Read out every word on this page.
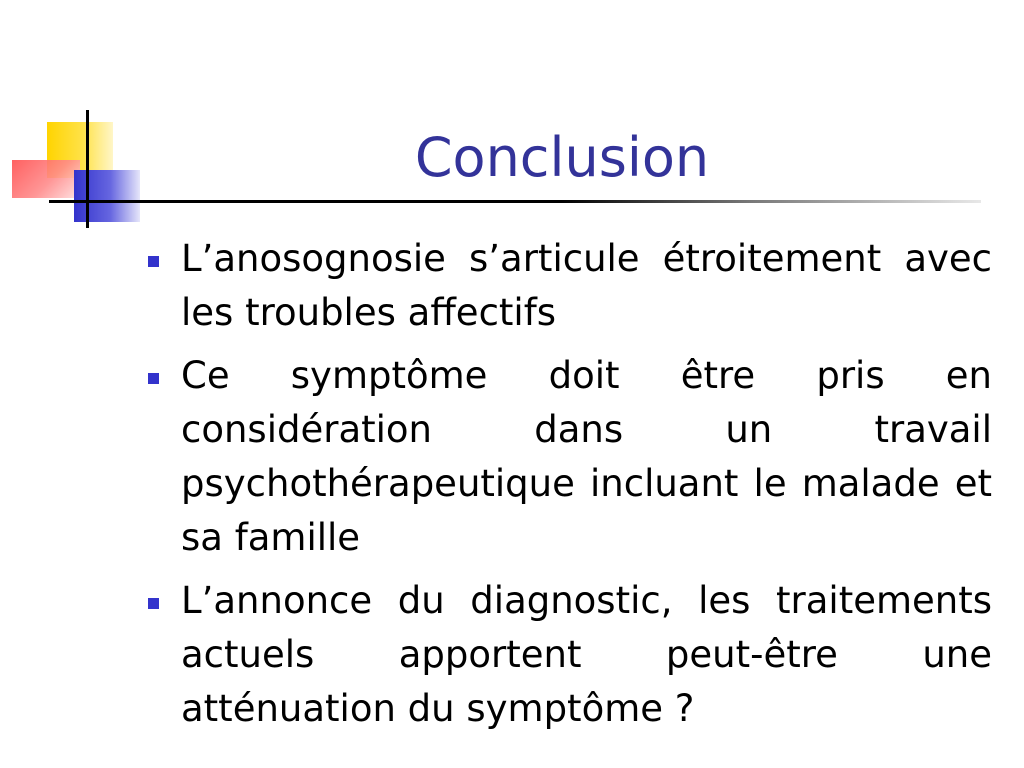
Conclusion
L’anosognosie s’articule étroitement avec les troubles affectifs
Ce symptôme doit être pris en considération dans un travail psychothérapeutique incluant le malade et sa famille
L’annonce du diagnostic, les traitements actuels apportent peut-être une atténuation du symptôme ?
